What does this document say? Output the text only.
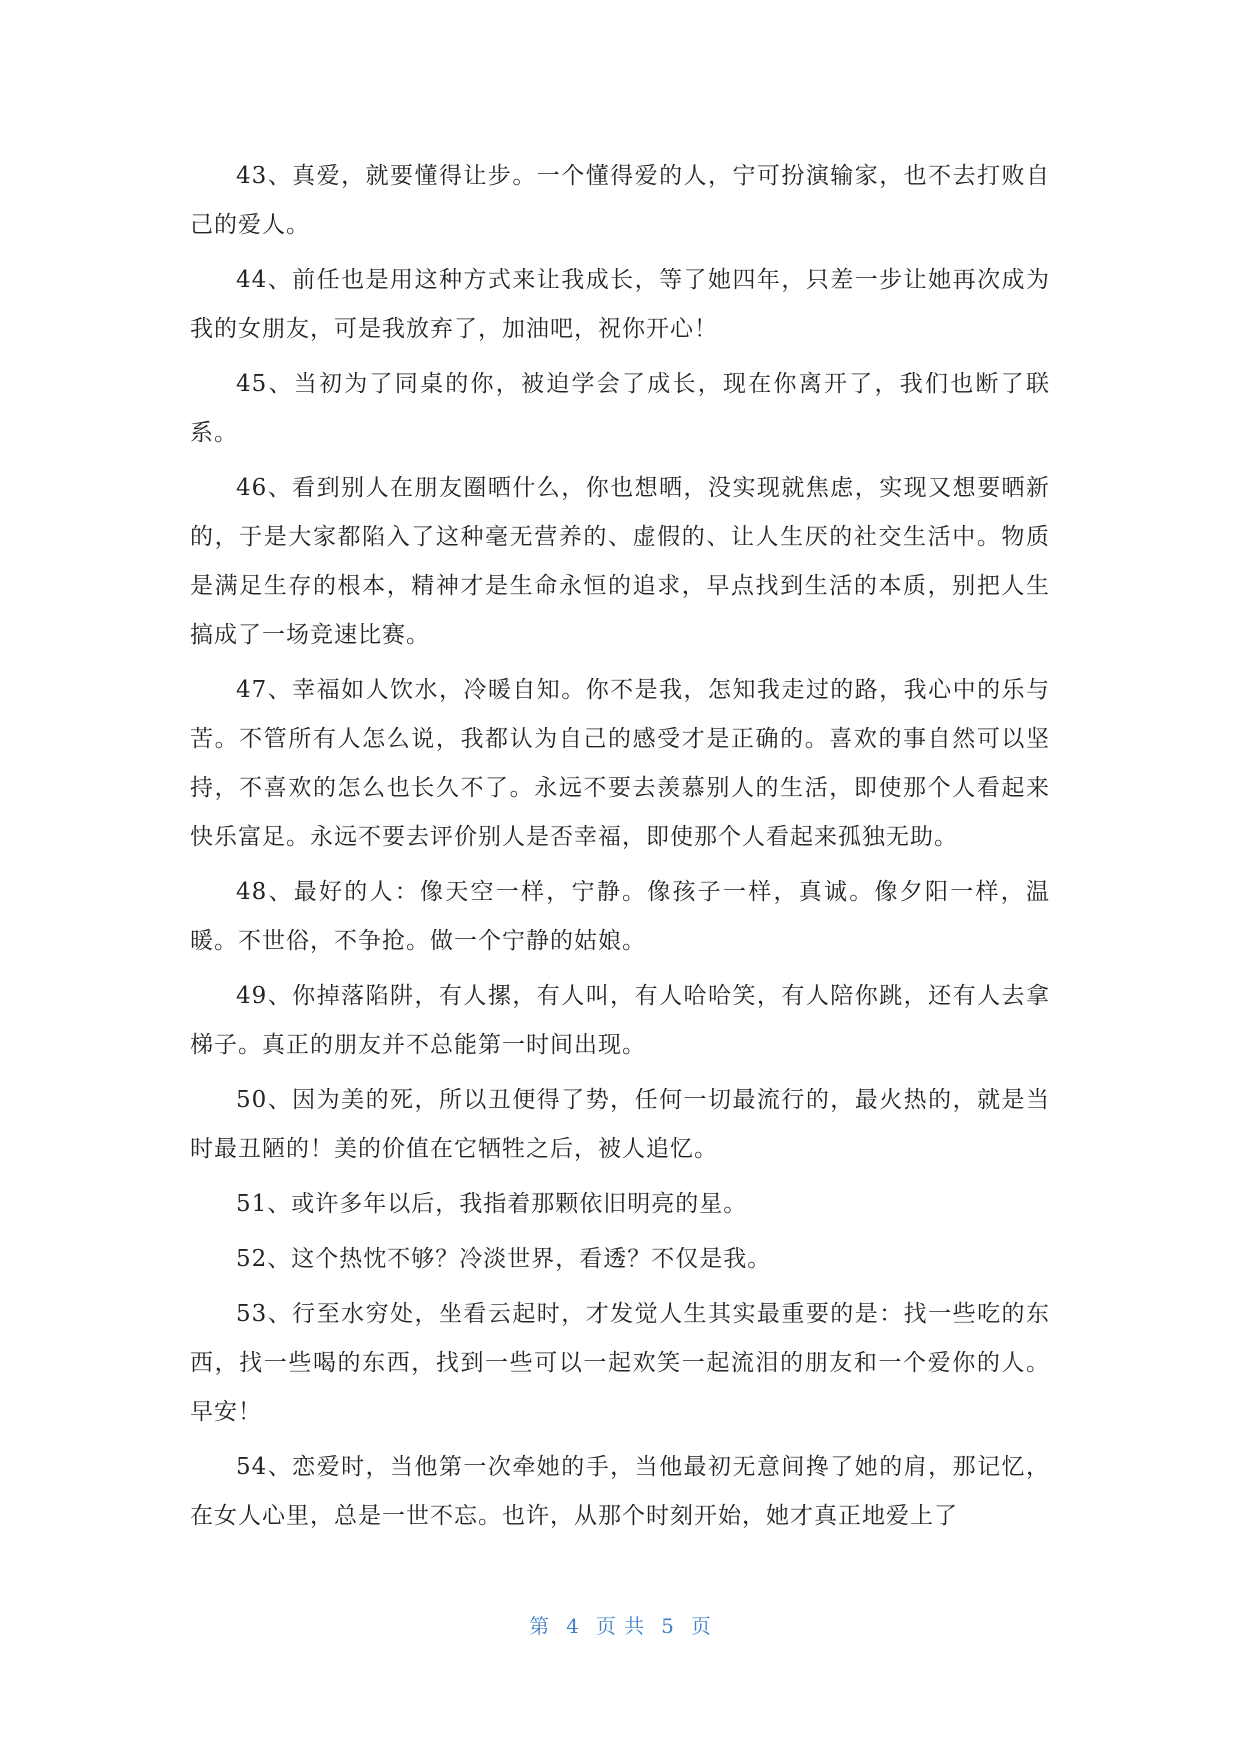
43、真爱，就要懂得让步。一个懂得爱的人，宁可扮演输家，也不去打败自己的爱人。

44、前任也是用这种方式来让我成长，等了她四年，只差一步让她再次成为我的女朋友，可是我放弃了，加油吧，祝你开心！

45、当初为了同桌的你，被迫学会了成长，现在你离开了，我们也断了联系。

46、看到别人在朋友圈晒什么，你也想晒，没实现就焦虑，实现又想要晒新的，于是大家都陷入了这种毫无营养的、虚假的、让人生厌的社交生活中。物质是满足生存的根本，精神才是生命永恒的追求，早点找到生活的本质，别把人生搞成了一场竞速比赛。

47、幸福如人饮水，冷暖自知。你不是我，怎知我走过的路，我心中的乐与苦。不管所有人怎么说，我都认为自己的感受才是正确的。喜欢的事自然可以坚持，不喜欢的怎么也长久不了。永远不要去羡慕别人的生活，即使那个人看起来快乐富足。永远不要去评价别人是否幸福，即使那个人看起来孤独无助。

48、最好的人：像天空一样，宁静。像孩子一样，真诚。像夕阳一样，温暖。不世俗，不争抢。做一个宁静的姑娘。

49、你掉落陷阱，有人摞，有人叫，有人哈哈笑，有人陪你跳，还有人去拿梯子。真正的朋友并不总能第一时间出现。

50、因为美的死，所以丑便得了势，任何一切最流行的，最火热的，就是当时最丑陋的！美的价值在它牺牲之后，被人追忆。

51、或许多年以后，我指着那颗依旧明亮的星。

52、这个热忱不够？冷淡世界，看透？不仅是我。

53、行至水穷处，坐看云起时，才发觉人生其实最重要的是：找一些吃的东西，找一些喝的东西，找到一些可以一起欢笑一起流泪的朋友和一个爱你的人。早安！

54、恋爱时，当他第一次牵她的手，当他最初无意间搀了她的肩，那记忆，在女人心里，总是一世不忘。也许，从那个时刻开始，她才真正地爱上了

第 4 页 共 5 页
